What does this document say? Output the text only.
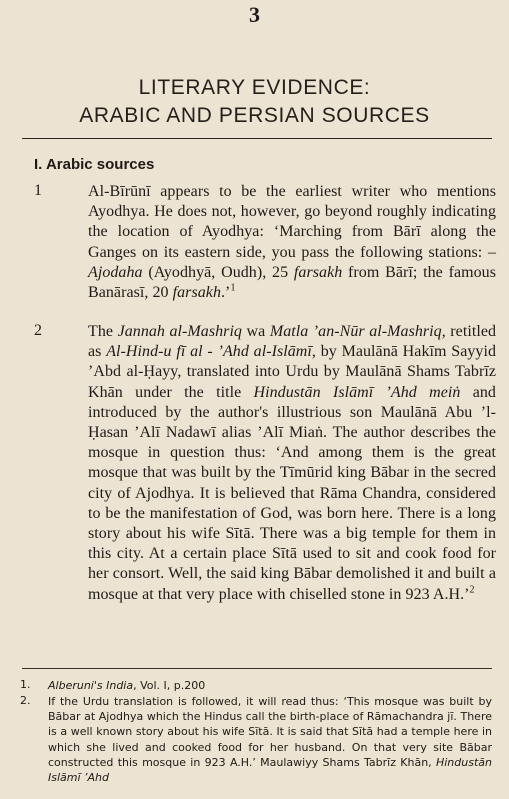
3
LITERARY EVIDENCE:
ARABIC AND PERSIAN SOURCES
I. Arabic sources
1	Al-Bīrūnī appears to be the earliest writer who mentions Ayodhya. He does not, however, go beyond roughly indicating the location of Ayodhya: ‘Marching from Bārī along the Ganges on its eastern side, you pass the following stations: – Ajodaha (Ayodhyā, Oudh), 25 farsakh from Bārī; the famous Banārasī, 20 farsakh.’$^1$
2	The Jannah al-Mashriq wa Matla ’an-Nūr al-Mashriq, retitled as Al-Hind-u fī al - ’Ahd al-Islāmī, by Maulānā Hakīm Sayyid ’Abd al-Ḥayy, translated into Urdu by Maulānā Shams Tabrīz Khān under the title Hindustān Islāmī ’Ahd meiṅ and introduced by the author's illustrious son Maulānā Abu ’l-Ḥasan ’Alī Nadawī alias ’Alī Miaṅ. The author describes the mosque in question thus: ‘And among them is the great mosque that was built by the Tīmūrid king Bābar in the secred city of Ajodhya. It is believed that Rāma Chandra, considered to be the manifestation of God, was born here. There is a long story about his wife Sītā. There was a big temple for them in this city. At a certain place Sītā used to sit and cook food for her consort. Well, the said king Bābar demolished it and built a mosque at that very place with chiselled stone in 923 A.H.’$^2$
1. Alberuni's India, Vol. I, p.200
2. If the Urdu translation is followed, it will read thus: ‘This mosque was built by Bābar at Ajodhya which the Hindus call the birth-place of Rāmachandra jī. There is a well known story about his wife Sītā. It is said that Sītā had a temple here in which she lived and cooked food for her husband. On that very site Bābar constructed this mosque in 923 A.H.’ Maulawiyy Shams Tabrīz Khān, Hindustān Islāmī ’Ahd
